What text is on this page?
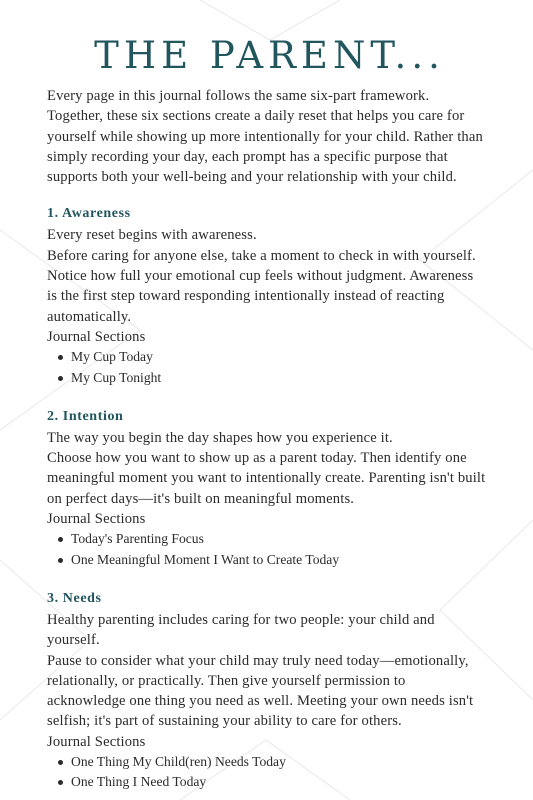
THE PARENT...

Every page in this journal follows the same six-part framework. Together, these six sections create a daily reset that helps you care for yourself while showing up more intentionally for your child. Rather than simply recording your day, each prompt has a specific purpose that supports both your well-being and your relationship with your child.

1. Awareness

Every reset begins with awareness.

Before caring for anyone else, take a moment to check in with yourself. Notice how full your emotional cup feels without judgment. Awareness is the first step toward responding intentionally instead of reacting automatically.

Journal Sections

My Cup Today
My Cup Tonight
2. Intention

The way you begin the day shapes how you experience it.

Choose how you want to show up as a parent today. Then identify one meaningful moment you want to intentionally create. Parenting isn't built on perfect days—it's built on meaningful moments.

Journal Sections

Today's Parenting Focus
One Meaningful Moment I Want to Create Today
3. Needs

Healthy parenting includes caring for two people: your child and yourself.

Pause to consider what your child may truly need today—emotionally, relationally, or practically. Then give yourself permission to acknowledge one thing you need as well. Meeting your own needs isn't selfish; it's part of sustaining your ability to care for others.

Journal Sections

One Thing My Child(ren) Needs Today
One Thing I Need Today
